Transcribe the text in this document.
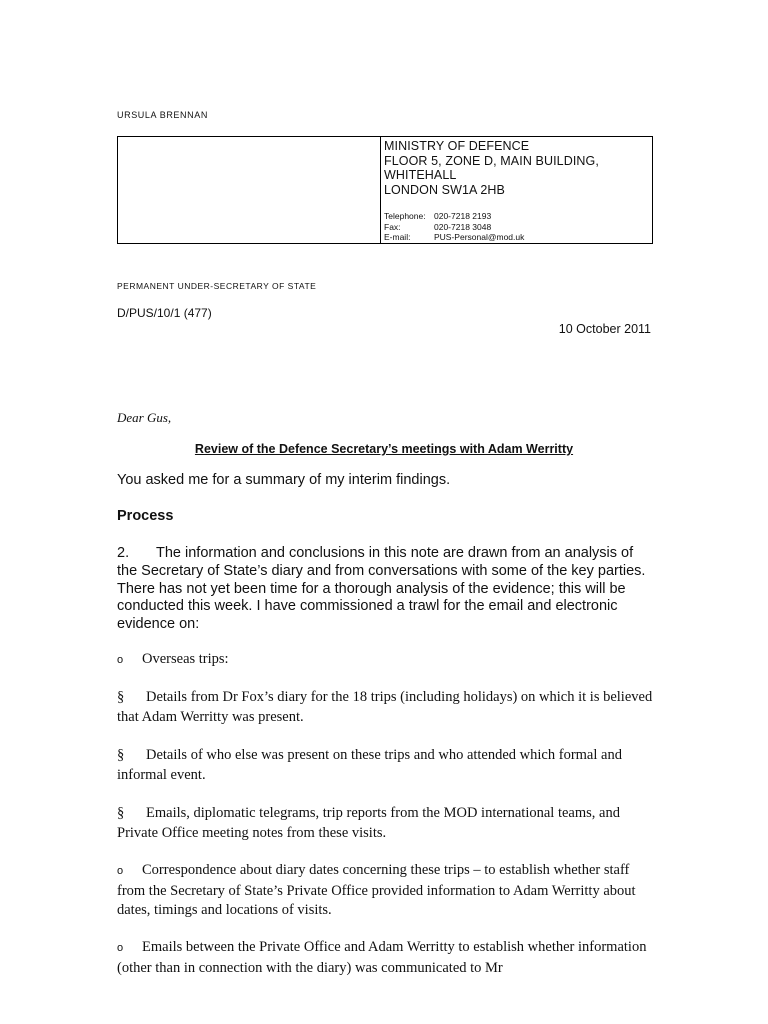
URSULA BRENNAN
MINISTRY OF DEFENCE
FLOOR 5, ZONE D, MAIN BUILDING,
WHITEHALL
LONDON SW1A 2HB
Telephone: 020-7218 2193
Fax:	020-7218 3048
E-mail:	PUS-Personal@mod.uk
PERMANENT UNDER-SECRETARY OF STATE
D/PUS/10/1 (477)
10 October 2011
Dear Gus,
Review of the Defence Secretary’s meetings with Adam Werritty
You asked me for a summary of my interim findings.
Process
2. The information and conclusions in this note are drawn from an analysis of the Secretary of State’s diary and from conversations with some of the key parties. There has not yet been time for a thorough analysis of the evidence; this will be conducted this week. I have commissioned a trawl for the email and electronic evidence on:
o Overseas trips:
§ Details from Dr Fox’s diary for the 18 trips (including holidays) on which it is believed that Adam Werritty was present.
§ Details of who else was present on these trips and who attended which formal and informal event.
§ Emails, diplomatic telegrams, trip reports from the MOD international teams, and Private Office meeting notes from these visits.
o Correspondence about diary dates concerning these trips – to establish whether staff from the Secretary of State’s Private Office provided information to Adam Werritty about dates, timings and locations of visits.
o Emails between the Private Office and Adam Werritty to establish whether information (other than in connection with the diary) was communicated to Mr
